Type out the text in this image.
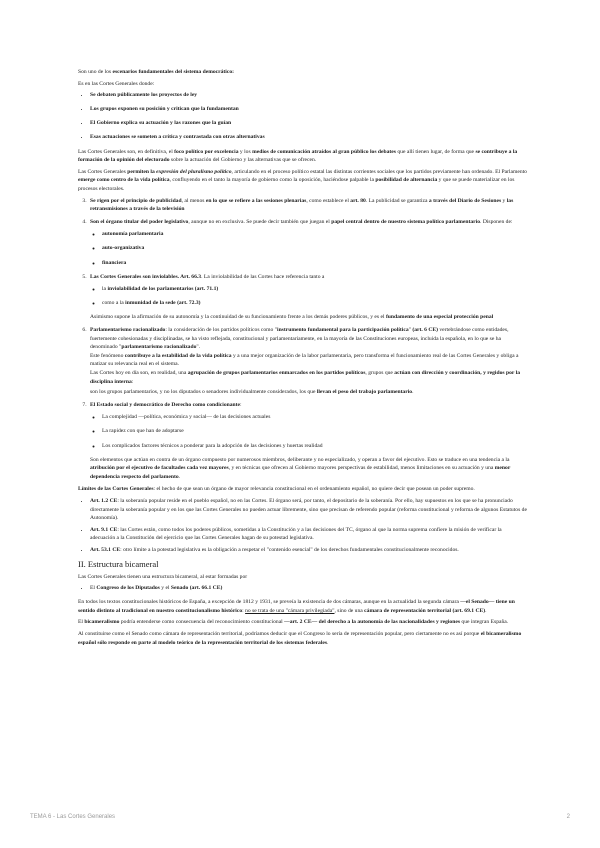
Son uno de los escenarios fundamentales del sistema democrático:

Es en las Cortes Generales donde:

• Se debaten públicamente los proyectos de ley
• Los grupos exponen su posición y critican que la fundamentan
• El Gobierno explica su actuación y las razones que la guían
• Esas actuaciones se someten a crítica y contrastada con otras alternativas

Las Cortes Generales son, en definitiva, el foco político por excelencia y los medios de comunicación atraídos al gran público los debates que allí tienen lugar, de forma que se contribuye a la formación de la opinión del electorado sobre la actuación del Gobierno y las alternativas que se ofrecen.

Las Cortes Generales permiten la expresión del pluralismo político, articulando en el proceso político estatal las distintas corrientes sociales que los partidos previamente han ordenado. El Parlamento emerge como centro de la vida política, confluyendo en el tanto la mayoría de gobierno como la oposición, haciéndose palpable la posibilidad de alternancia y que se puede materializar en los procesos electorales.

3. Se rigen por el principio de publicidad, al menos en lo que se refiere a las sesiones plenarias, como establece el art. 80. La publicidad se garantiza a través del Diario de Sesiones y las retransmisiones a través de la televisión
4. Son el órgano titular del poder legislativo, aunque no en exclusiva. Se puede decir también que juegan el papel central dentro de nuestro sistema político parlamentario. Disponen de:
◦ autonomía parlamentaria
◦ auto-organizativa
◦ financiera
5. Las Cortes Generales son inviolables. Art. 66.3. La inviolabilidad de las Cortes hace referencia tanto a
◦ la inviolabilidad de los parlamentarios (art. 71.1)
◦ como a la inmunidad de la sede (art. 72.3)

Asimismo supone la afirmación de su autonomía y la continuidad de su funcionamiento frente a los demás poderes públicos, y es el fundamento de una especial protección penal

6. Parlamentarismo racionalizado: la consideración de los partidos políticos como "instrumento fundamental para la participación política" (art. 6 CE) vertebrándose como entidades, fuertemente cohesionadas y disciplinadas, se ha visto reflejada, constitucional y parlamentariamente, en la mayoría de las Constituciones europeas, incluida la española, en lo que se ha denominado "parlamentarismo racionalizado".
Este fenómeno contribuye a la estabilidad de la vida política y a una mejor organización de la labor parlamentaria, pero transforma el funcionamiento real de las Cortes Generales y obliga a matizar su relevancia real en el sistema.
Las Cortes hoy en día son, en realidad, una agrupación de grupos parlamentarios enmarcados en los partidos políticos, grupos que actúan con dirección y coordinación, y regidos por la disciplina interna:

son los grupos parlamentarios, y no los diputados o senadores individualmente considerados, los que llevan el peso del trabajo parlamentario.

7. El Estado social y democrático de Derecho como condicionante:
◦ La complejidad —política, económica y social— de las decisiones actuales
◦ La rapidez con que han de adoptarse
◦ Los complicados factores técnicos a ponderar para la adopción de las decisiones y huertas realidad

Son elementos que actúan en contra de un órgano compuesto por numerosos miembros, deliberante y no especializado, y operan a favor del ejecutivo. Esto se traduce en una tendencia a la atribución por el ejecutivo de facultades cada vez mayores, y en técnicas que ofrecen al Gobierno mayores perspectivas de estabilidad, menos limitaciones en su actuación y una menor dependencia respecto del parlamento.

Límites de las Cortes Generales: el hecho de que sean un órgano de mayor relevancia constitucional en el ordenamiento español, no quiere decir que posean un poder supremo.

• Art. 1.2 CE: la soberanía popular reside en el pueblo español, no en las Cortes. El órgano será, por tanto, el depositario de la soberanía. Por ello, hay supuestos en los que se ha pronunciado directamente la soberanía popular y en los que las Cortes Generales no pueden actuar libremente, sino que precisan de referendo popular (reforma constitucional y reforma de algunos Estatutos de Autonomía).
• Art. 9.1 CE: las Cortes están, como todos los poderes públicos, sometidas a la Constitución y a las decisiones del TC, órgano al que la norma suprema confiere la misión de verificar la adecuación a la Constitución del ejercicio que las Cortes Generales hagan de su potestad legislativa.
• Art. 53.1 CE: otro límite a la potestad legislativa es la obligación a respetar el "contenido esencial" de los derechos fundamentales constitucionalmente reconocidos.
II. Estructura bicameral

Las Cortes Generales tienen una estructura bicameral, al estar formadas por

• El Congreso de los Diputados y el Senado (art. 66.1 CE)

En todos los textos constitucionales históricos de España, a excepción de 1812 y 1931, se preveía la existencia de dos cámaras, aunque en la actualidad la segunda cámara —el Senado— tiene un sentido distinto al tradicional en nuestro constitucionalismo histórico: no se trata de una "cámara privilegiada", sino de una cámara de representación territorial (art. 69.1 CE).

El bicameralismo podría entenderse como consecuencia del reconocimiento constitucional —art. 2 CE— del derecho a la autonomía de las nacionalidades y regiones que integran España.

Al constituirse como el Senado como cámara de representación territorial, podríamos deducir que el Congreso lo sería de representación popular, pero ciertamente no es así porque el bicameralismo español sólo responde en parte al modelo teórico de la representación territorial de los sistemas federales.

TEMA 6 - Las Cortes Generales	2
